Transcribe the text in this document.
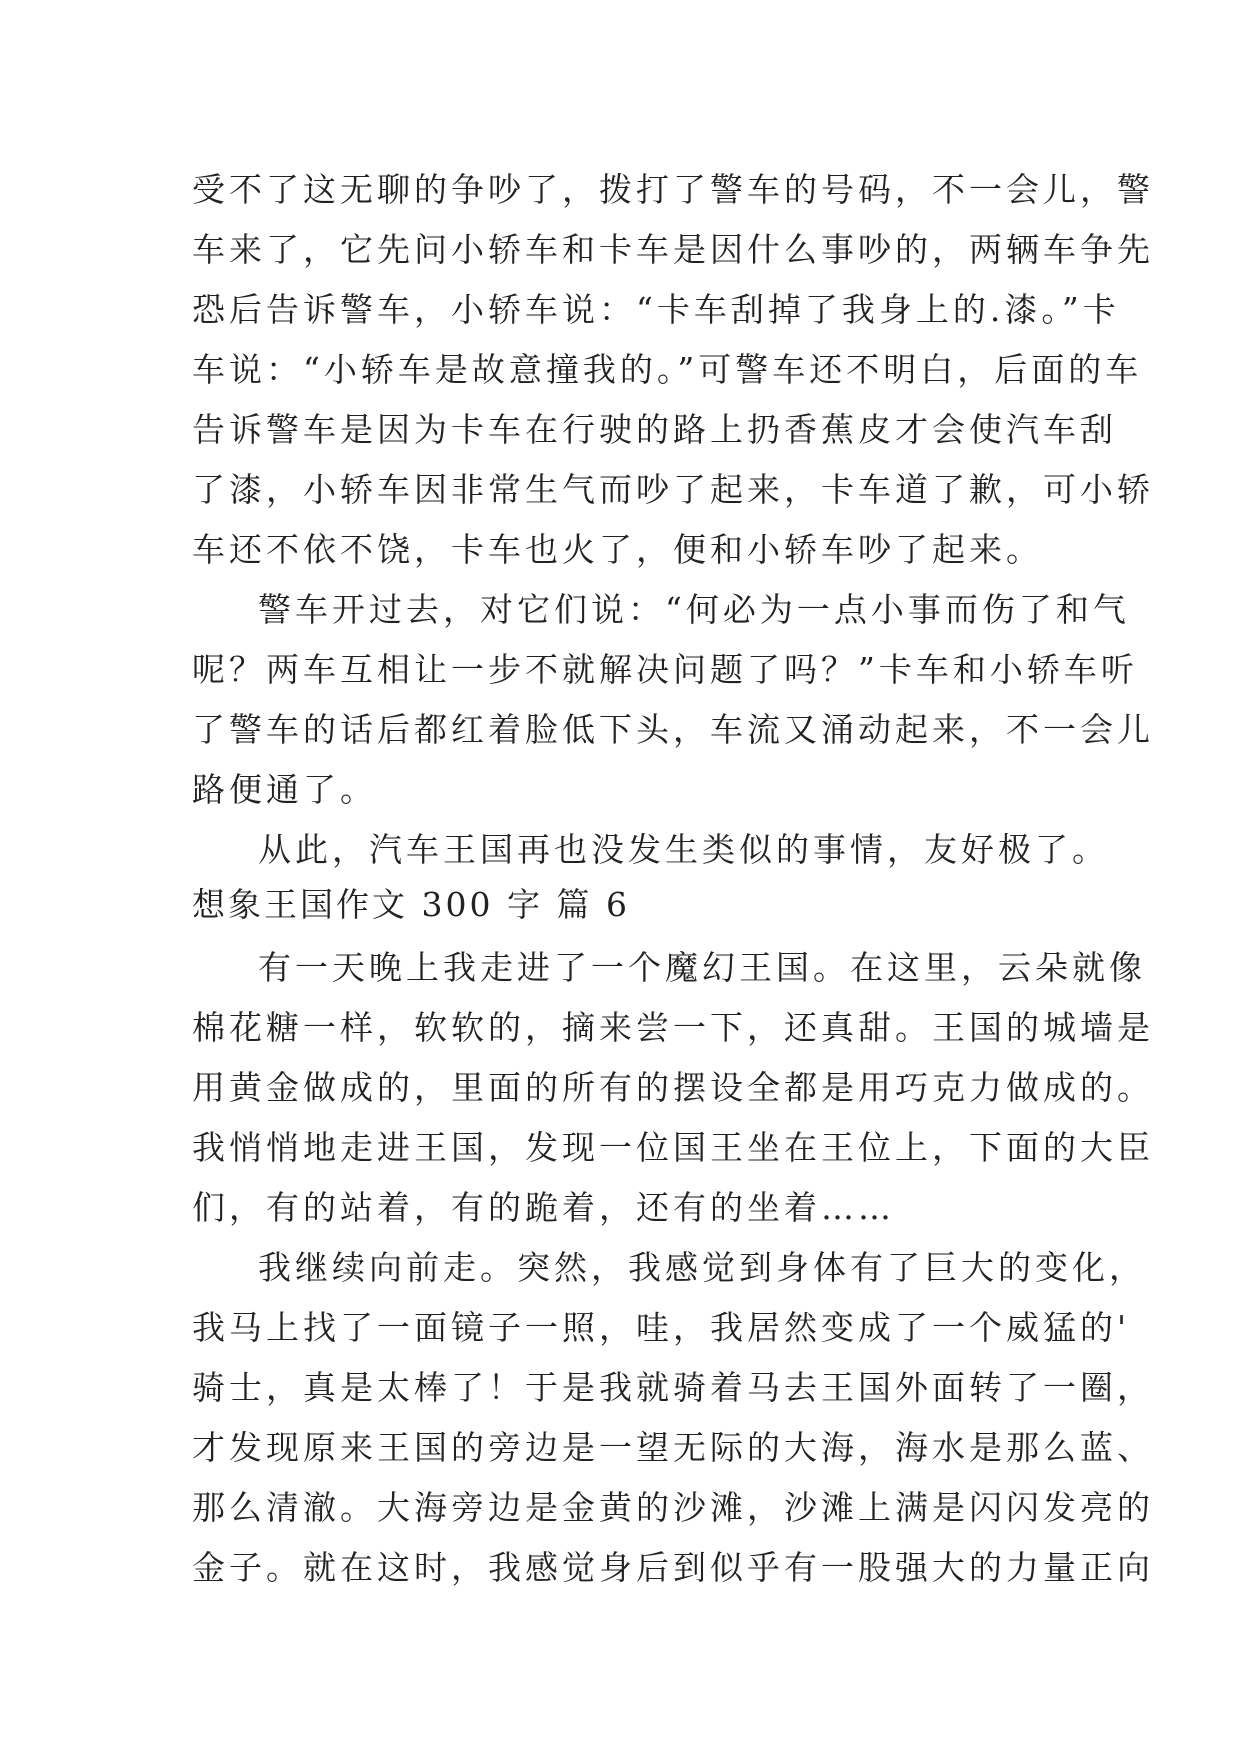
受不了这无聊的争吵了，拨打了警车的号码，不一会儿，警

车来了，它先问小轿车和卡车是因什么事吵的，两辆车争先

恐后告诉警车，小轿车说：“卡车刮掉了我身上的.漆。”卡

车说：“小轿车是故意撞我的。”可警车还不明白，后面的车

告诉警车是因为卡车在行驶的路上扔香蕉皮才会使汽车刮

了漆，小轿车因非常生气而吵了起来，卡车道了歉，可小轿

车还不依不饶，卡车也火了，便和小轿车吵了起来。

警车开过去，对它们说：“何必为一点小事而伤了和气

呢？两车互相让一步不就解决问题了吗？”卡车和小轿车听

了警车的话后都红着脸低下头，车流又涌动起来，不一会儿

路便通了。

从此，汽车王国再也没发生类似的事情，友好极了。

想象王国作文 300 字 篇 6

有一天晚上我走进了一个魔幻王国。在这里，云朵就像

棉花糖一样，软软的，摘来尝一下，还真甜。王国的城墙是

用黄金做成的，里面的所有的摆设全都是用巧克力做成的。

我悄悄地走进王国，发现一位国王坐在王位上，下面的大臣

们，有的站着，有的跪着，还有的坐着……

我继续向前走。突然，我感觉到身体有了巨大的变化，

我马上找了一面镜子一照，哇，我居然变成了一个威猛的'

骑士，真是太棒了！于是我就骑着马去王国外面转了一圈，

才发现原来王国的旁边是一望无际的大海，海水是那么蓝、

那么清澈。大海旁边是金黄的沙滩，沙滩上满是闪闪发亮的

金子。就在这时，我感觉身后到似乎有一股强大的力量正向
